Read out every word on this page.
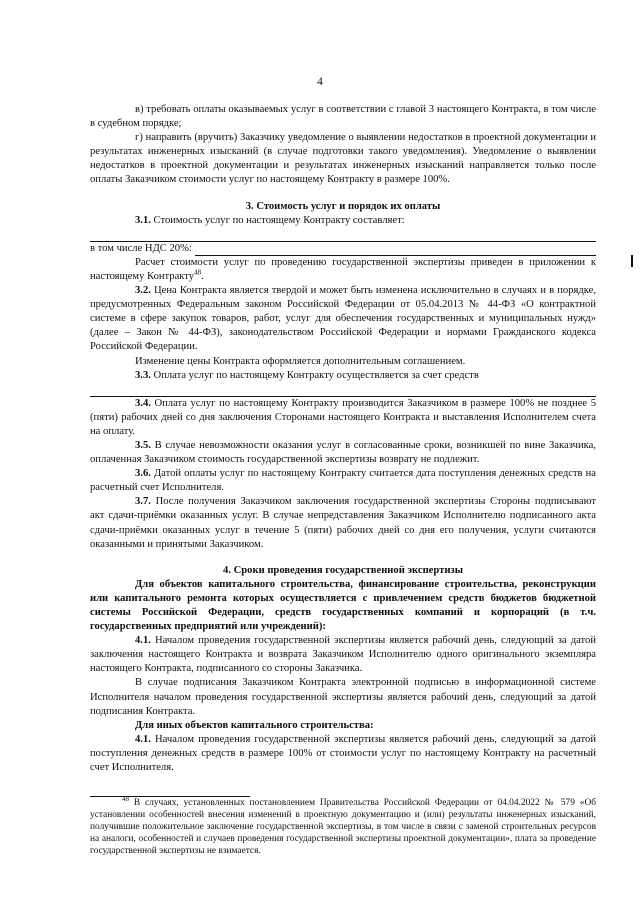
4

в) требовать оплаты оказываемых услуг в соответствии с главой 3 настоящего Контракта, в том числе в судебном порядке;

г) направить (вручить) Заказчику уведомление о выявлении недостатков в проектной документации и результатах инженерных изысканий (в случае подготовки такого уведомления). Уведомление о выявлении недостатков в проектной документации и результатах инженерных изысканий направляется только после оплаты Заказчиком стоимости услуг по настоящему Контракту в размере 100%.

3. Стоимость услуг и порядок их оплаты

3.1. Стоимость услуг по настоящему Контракту составляет:

в том числе НДС 20%:

Расчет стоимости услуг по проведению государственной экспертизы приведен в приложении к настоящему Контракту$^{48}$.

3.2. Цена Контракта является твердой и может быть изменена исключительно в случаях и в порядке, предусмотренных Федеральным законом Российской Федерации от 05.04.2013 № 44-ФЗ «О контрактной системе в сфере закупок товаров, работ, услуг для обеспечения государственных и муниципальных нужд» (далее – Закон № 44-ФЗ), законодательством Российской Федерации и нормами Гражданского кодекса Российской Федерации.

Изменение цены Контракта оформляется дополнительным соглашением.

3.3. Оплата услуг по настоящему Контракту осуществляется за счет средств

3.4. Оплата услуг по настоящему Контракту производится Заказчиком в размере 100% не позднее 5 (пяти) рабочих дней со дня заключения Сторонами настоящего Контракта и выставления Исполнителем счета на оплату.

3.5. В случае невозможности оказания услуг в согласованные сроки, возникшей по вине Заказчика, оплаченная Заказчиком стоимость государственной экспертизы возврату не подлежит.

3.6. Датой оплаты услуг по настоящему Контракту считается дата поступления денежных средств на расчетный счет Исполнителя.

3.7. После получения Заказчиком заключения государственной экспертизы Стороны подписывают акт сдачи-приёмки оказанных услуг. В случае непредставления Заказчиком Исполнителю подписанного акта сдачи-приёмки оказанных услуг в течение 5 (пяти) рабочих дней со дня его получения, услуги считаются оказанными и принятыми Заказчиком.

4. Сроки проведения государственной экспертизы

Для объектов капитального строительства, финансирование строительства, реконструкции или капитального ремонта которых осуществляется с привлечением средств бюджетов бюджетной системы Российской Федерации, средств государственных компаний и корпораций (в т.ч. государственных предприятий или учреждений):

4.1. Началом проведения государственной экспертизы является рабочий день, следующий за датой заключения настоящего Контракта и возврата Заказчиком Исполнителю одного оригинального экземпляра настоящего Контракта, подписанного со стороны Заказчика.

В случае подписания Заказчиком Контракта электронной подписью в информационной системе Исполнителя началом проведения государственной экспертизы является рабочий день, следующий за датой подписания Контракта.

Для иных объектов капитального строительства:

4.1. Началом проведения государственной экспертизы является рабочий день, следующий за датой поступления денежных средств в размере 100% от стоимости услуг по настоящему Контракту на расчетный счет Исполнителя.

$^{48}$ В случаях, установленных постановлением Правительства Российской Федерации от 04.04.2022 № 579 «Об установлении особенностей внесения изменений в проектную документацию и (или) результаты инженерных изысканий, получившие положительное заключение государственной экспертизы, в том числе в связи с заменой строительных ресурсов на аналоги, особенностей и случаев проведения государственной экспертизы проектной документации», плата за проведение государственной экспертизы не взимается.
